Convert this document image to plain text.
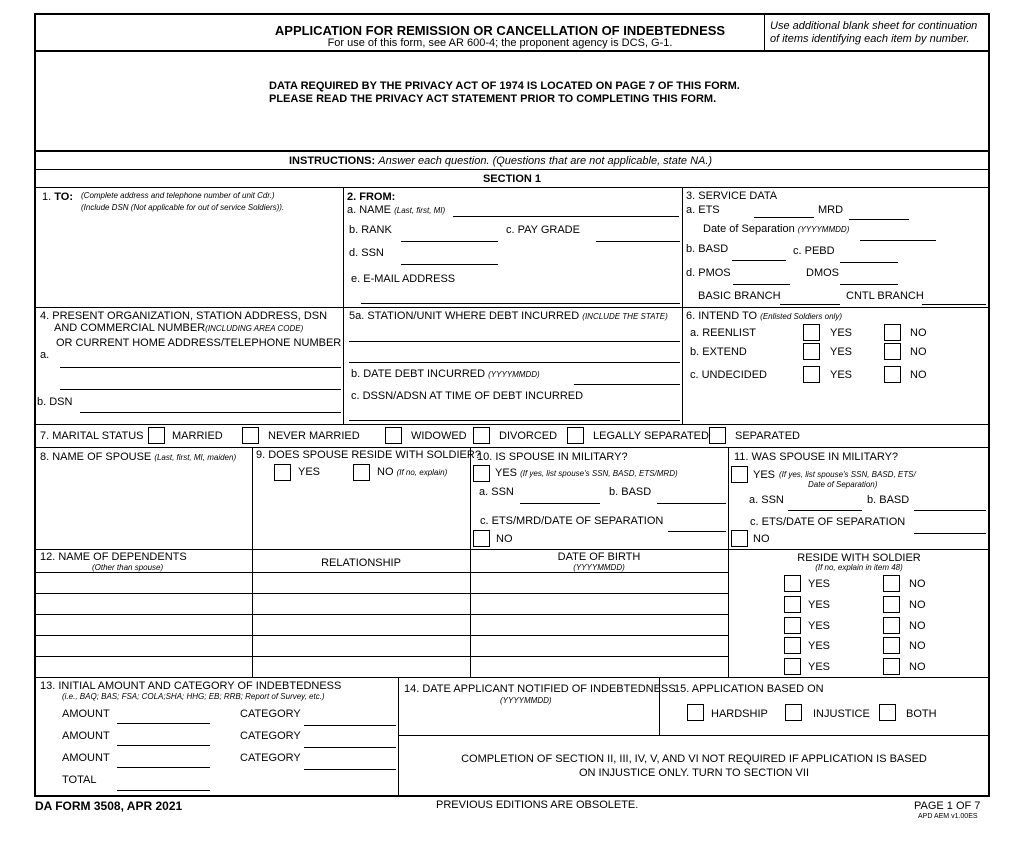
APPLICATION FOR REMISSION OR CANCELLATION OF INDEBTEDNESS
For use of this form, see AR 600-4; the proponent agency is DCS, G-1.
Use additional blank sheet for continuation of items identifying each item by number.
DATA REQUIRED BY THE PRIVACY ACT OF 1974 IS LOCATED ON PAGE 7 OF THIS FORM.
PLEASE READ THE PRIVACY ACT STATEMENT PRIOR TO COMPLETING THIS FORM.
INSTRUCTIONS: Answer each question. (Questions that are not applicable, state NA.)
SECTION 1
1. TO: (Complete address and telephone number of unit Cdr.)
(Include DSN (Not applicable for out of service Soldiers)).
2. FROM:
a. NAME (Last, first, MI)
b. RANK	c. PAY GRADE
d. SSN
e. E-MAIL ADDRESS
3. SERVICE DATA
a. ETS	MRD
Date of Separation (YYYYMMDD)
b. BASD	c. PEBD
d. PMOS	DMOS
BASIC BRANCH	CNTL BRANCH
4. PRESENT ORGANIZATION, STATION ADDRESS, DSN
AND COMMERCIAL NUMBER(INCLUDING AREA CODE)
OR CURRENT HOME ADDRESS/TELEPHONE NUMBER
a.
b. DSN
5a. STATION/UNIT WHERE DEBT INCURRED (INCLUDE THE STATE)
b. DATE DEBT INCURRED (YYYYMMDD)
c. DSSN/ADSN AT TIME OF DEBT INCURRED
6. INTEND TO (Enlisted Soldiers only)
a. REENLIST	YES	NO
b. EXTEND	YES	NO
c. UNDECIDED	YES	NO
7. MARITAL STATUS	MARRIED	NEVER MARRIED	WIDOWED	DIVORCED	LEGALLY SEPARATED SEPARATED
8. NAME OF SPOUSE (Last, first, MI, maiden) 9. DOES SPOUSE RESIDE WITH SOLDIER?
YES	NO (If no, explain)
10. IS SPOUSE IN MILITARY?
YES (If yes, list spouse's SSN, BASD, ETS/MRD)
a. SSN	b. BASD
c. ETS/MRD/DATE OF SEPARATION
NO
11. WAS SPOUSE IN MILITARY?
YES (If yes, list spouse's SSN, BASD, ETS/
Date of Separation)
a. SSN	b. BASD
c. ETS/DATE OF SEPARATION
NO
12. NAME OF DEPENDENTS
(Other than spouse)	RELATIONSHIP	DATE OF BIRTH
(YYYYMMDD)
RESIDE WITH SOLDIER
(If no, explain in item 48)
YES	NO
YES	NO
YES	NO
YES	NO
YES	NO
13. INITIAL AMOUNT AND CATEGORY OF INDEBTEDNESS
(i.e., BAQ; BAS; FSA; COLA;SHA; HHG; EB; RRB; Report of Survey, etc.)
AMOUNT	CATEGORY
AMOUNT	CATEGORY
AMOUNT	CATEGORY
TOTAL
14. DATE APPLICANT NOTIFIED OF INDEBTEDNESS
(YYYYMMDD)
15. APPLICATION BASED ON
HARDSHIP	INJUSTICE	BOTH
COMPLETION OF SECTION II, III, IV, V, AND VI NOT REQUIRED IF APPLICATION IS BASED
ON INJUSTICE ONLY. TURN TO SECTION VII
DA FORM 3508, APR 2021	PREVIOUS EDITIONS ARE OBSOLETE.	PAGE 1 OF 7
APD AEM v1.00ES
